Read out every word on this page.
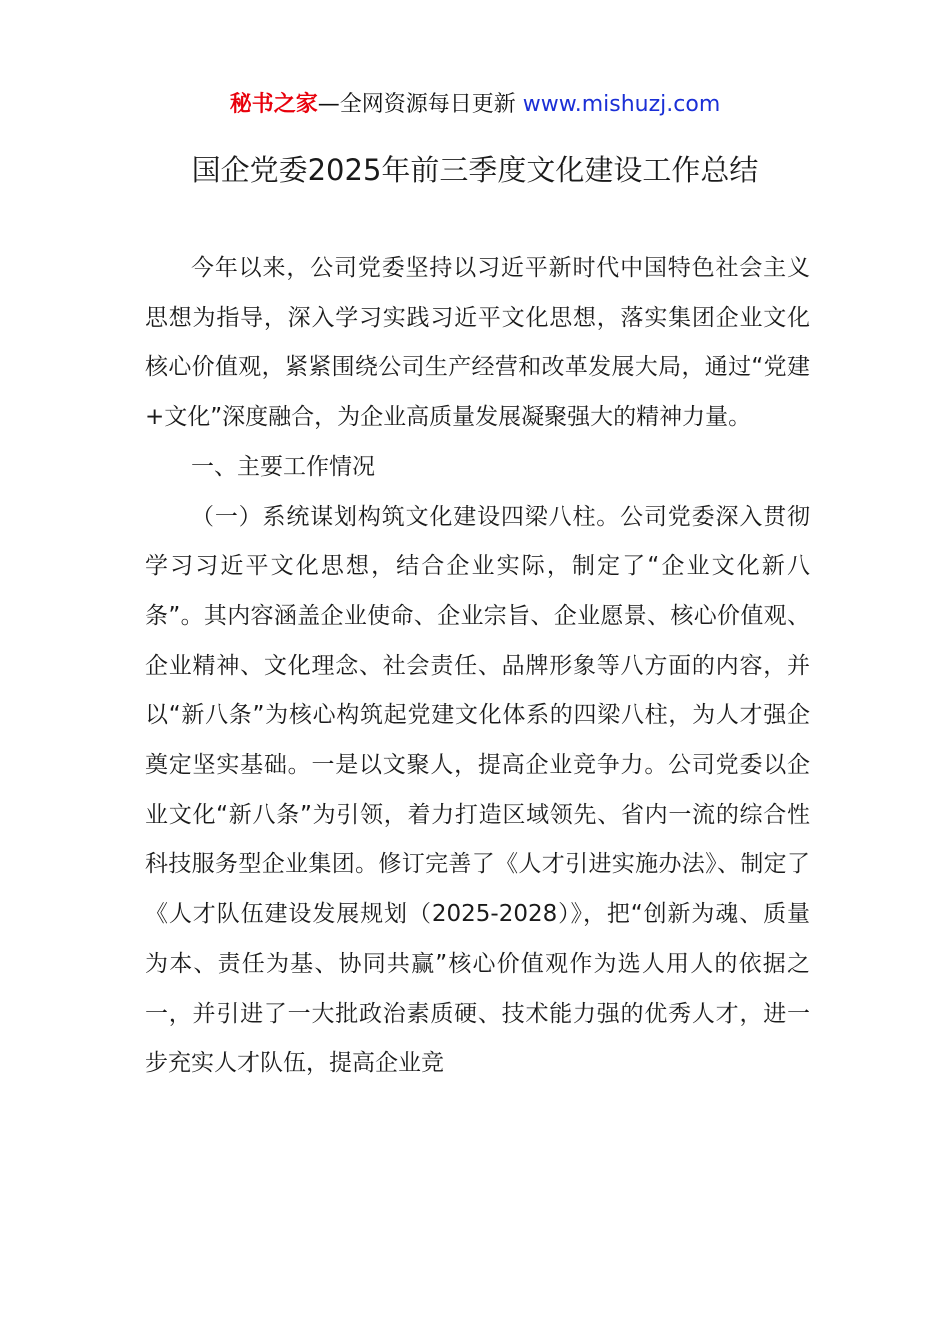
秘书之家—全网资源每日更新 www.mishuzj.com
国企党委2025年前三季度文化建设工作总结

今年以来，公司党委坚持以习近平新时代中国特色社会主义思想为指导，深入学习实践习近平文化思想，落实集团企业文化核心价值观，紧紧围绕公司生产经营和改革发展大局，通过“党建+文化”深度融合，为企业高质量发展凝聚强大的精神力量。

一、主要工作情况

（一）系统谋划构筑文化建设四梁八柱。公司党委深入贯彻学习习近平文化思想，结合企业实际，制定了“企业文化新八条”。其内容涵盖企业使命、企业宗旨、企业愿景、核心价值观、企业精神、文化理念、社会责任、品牌形象等八方面的内容，并以“新八条”为核心构筑起党建文化体系的四梁八柱，为人才强企奠定坚实基础。一是以文聚人，提高企业竞争力。公司党委以企业文化“新八条”为引领，着力打造区域领先、省内一流的综合性科技服务型企业集团。修订完善了《人才引进实施办法》、制定了《人才队伍建设发展规划（2025-2028）》，把“创新为魂、质量为本、责任为基、协同共赢”核心价值观作为选人用人的依据之一，并引进了一大批政治素质硬、技术能力强的优秀人才，进一步充实人才队伍，提高企业竞
